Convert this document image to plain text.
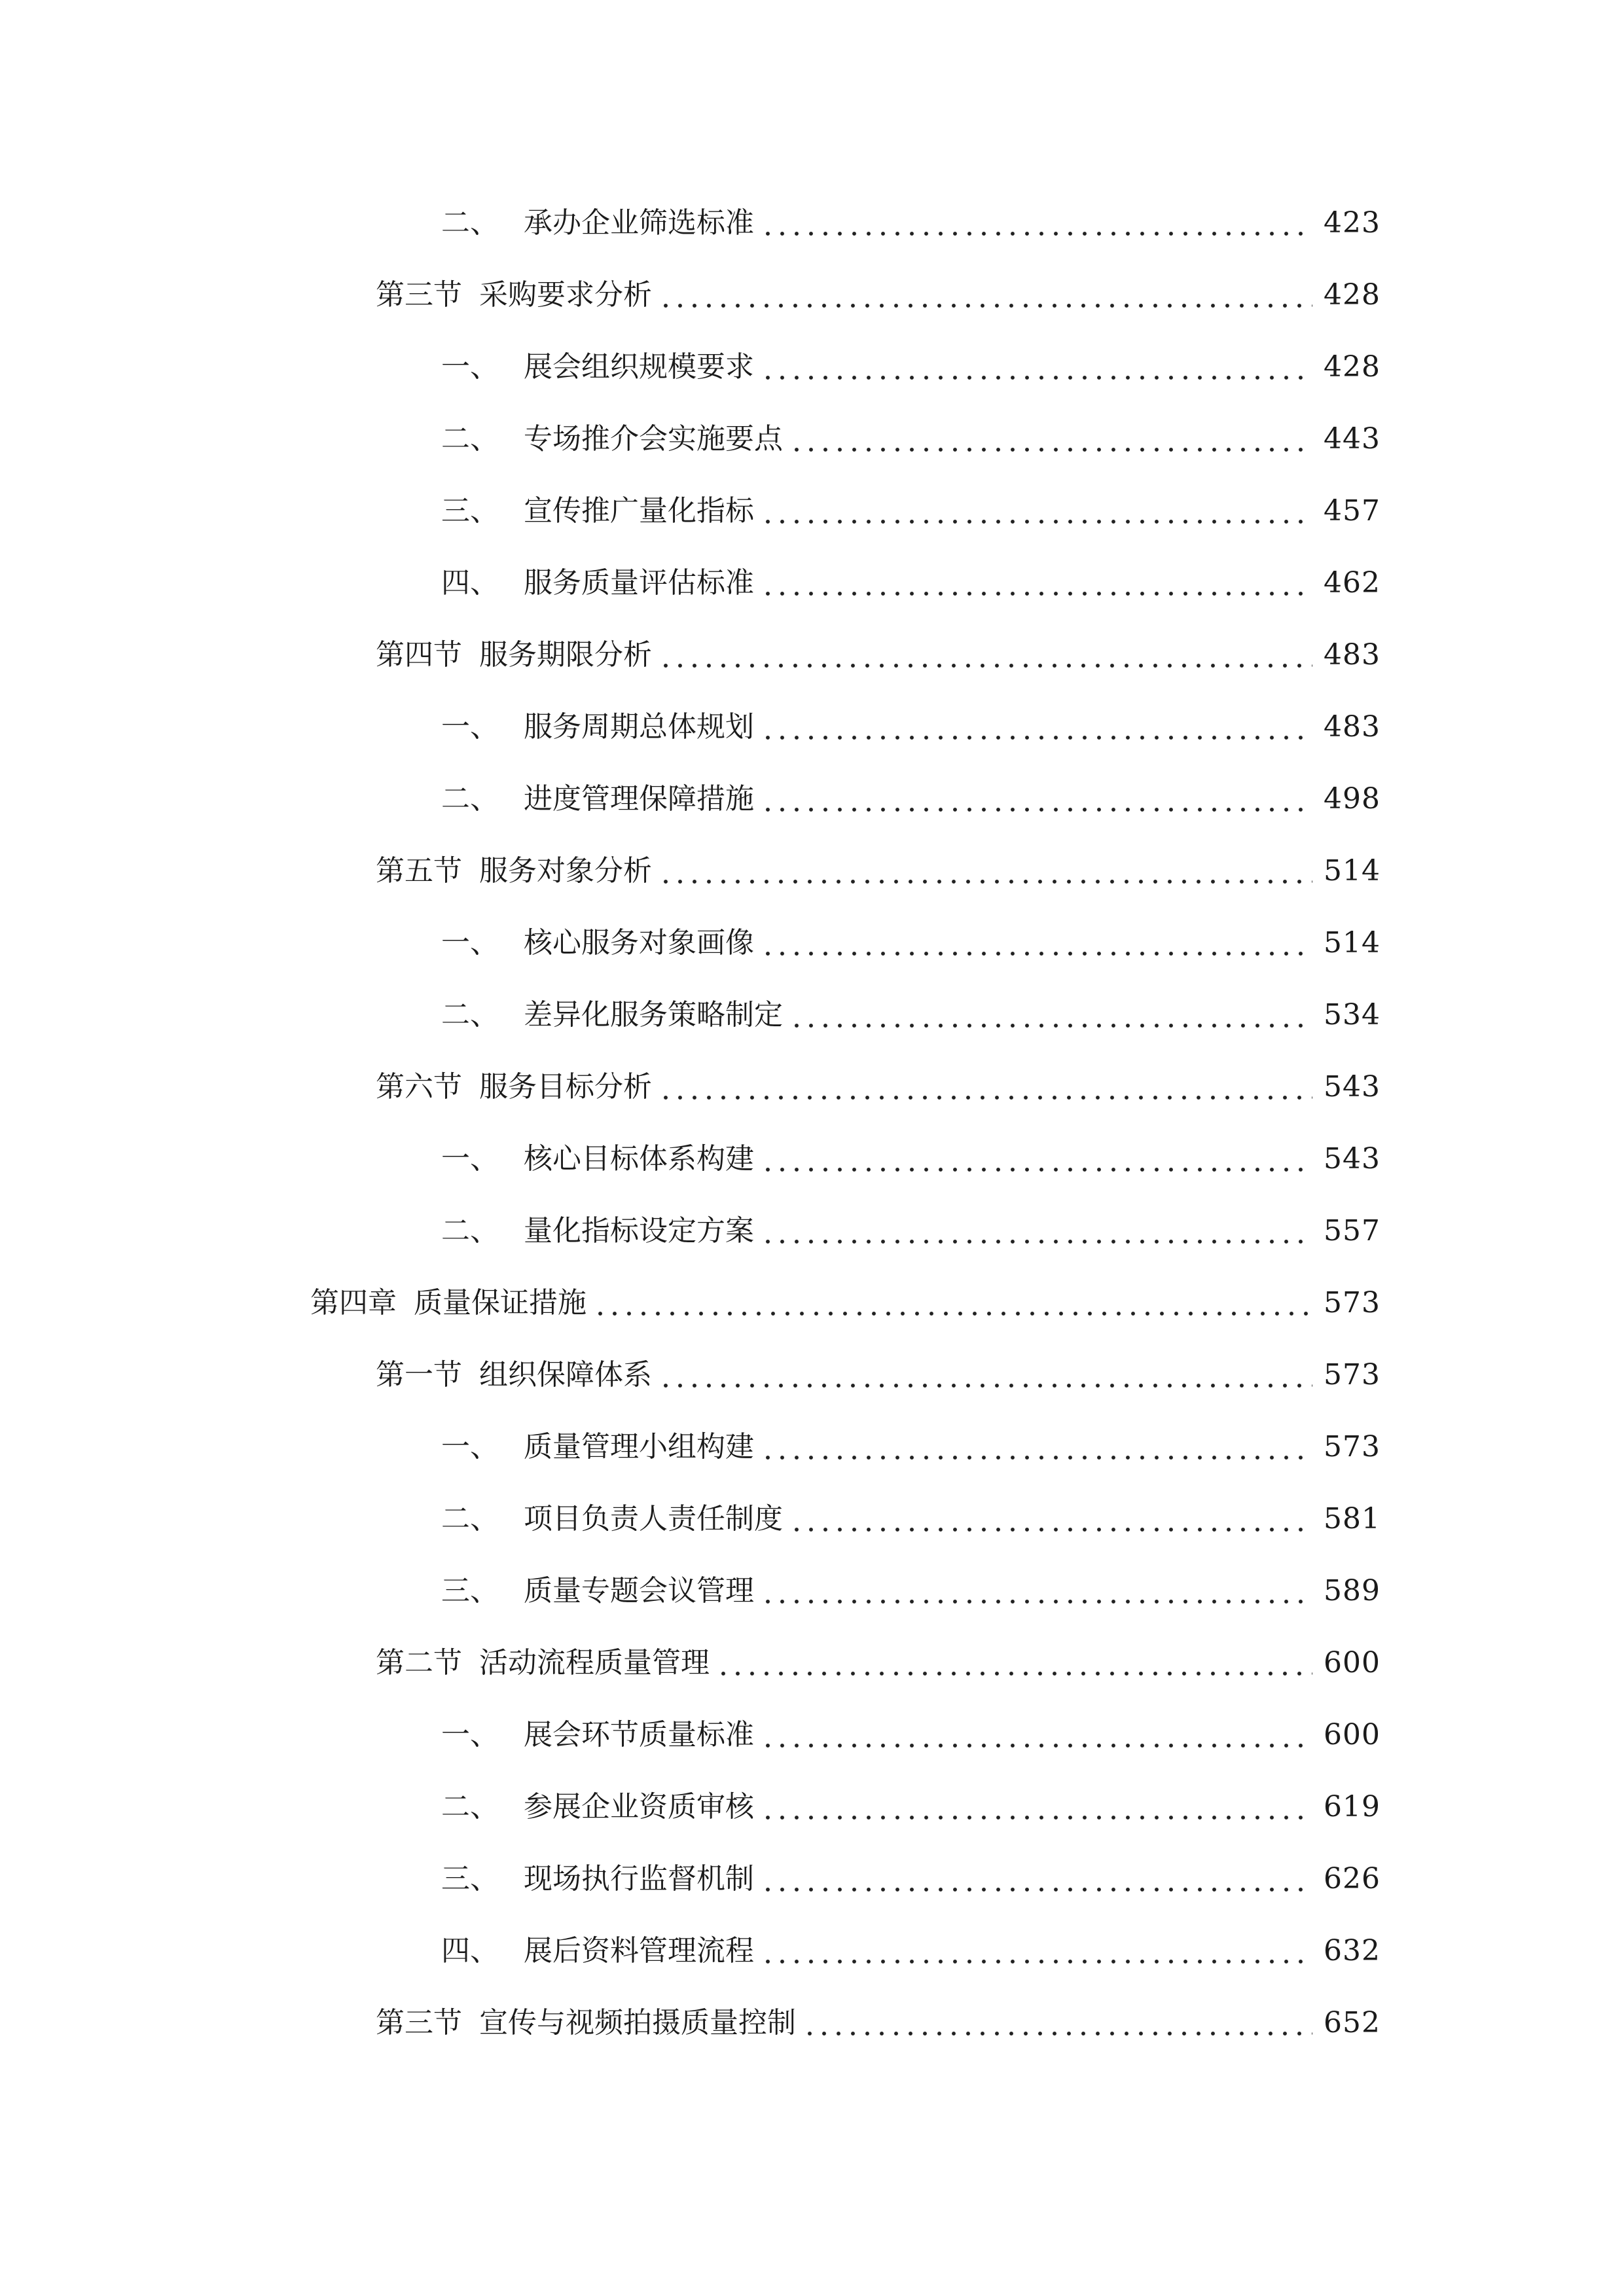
二、 承办企业筛选标准	423
第三节 采购要求分析	428
一、 展会组织规模要求	428
二、 专场推介会实施要点	443
三、 宣传推广量化指标	457
四、 服务质量评估标准	462
第四节 服务期限分析	483
一、 服务周期总体规划	483
二、 进度管理保障措施	498
第五节 服务对象分析	514
一、 核心服务对象画像	514
二、 差异化服务策略制定	534
第六节 服务目标分析	543
一、 核心目标体系构建	543
二、 量化指标设定方案	557
第四章 质量保证措施	573
第一节 组织保障体系	573
一、 质量管理小组构建	573
二、 项目负责人责任制度	581
三、 质量专题会议管理	589
第二节 活动流程质量管理	600
一、 展会环节质量标准	600
二、 参展企业资质审核	619
三、 现场执行监督机制	626
四、 展后资料管理流程	632
第三节 宣传与视频拍摄质量控制	652
